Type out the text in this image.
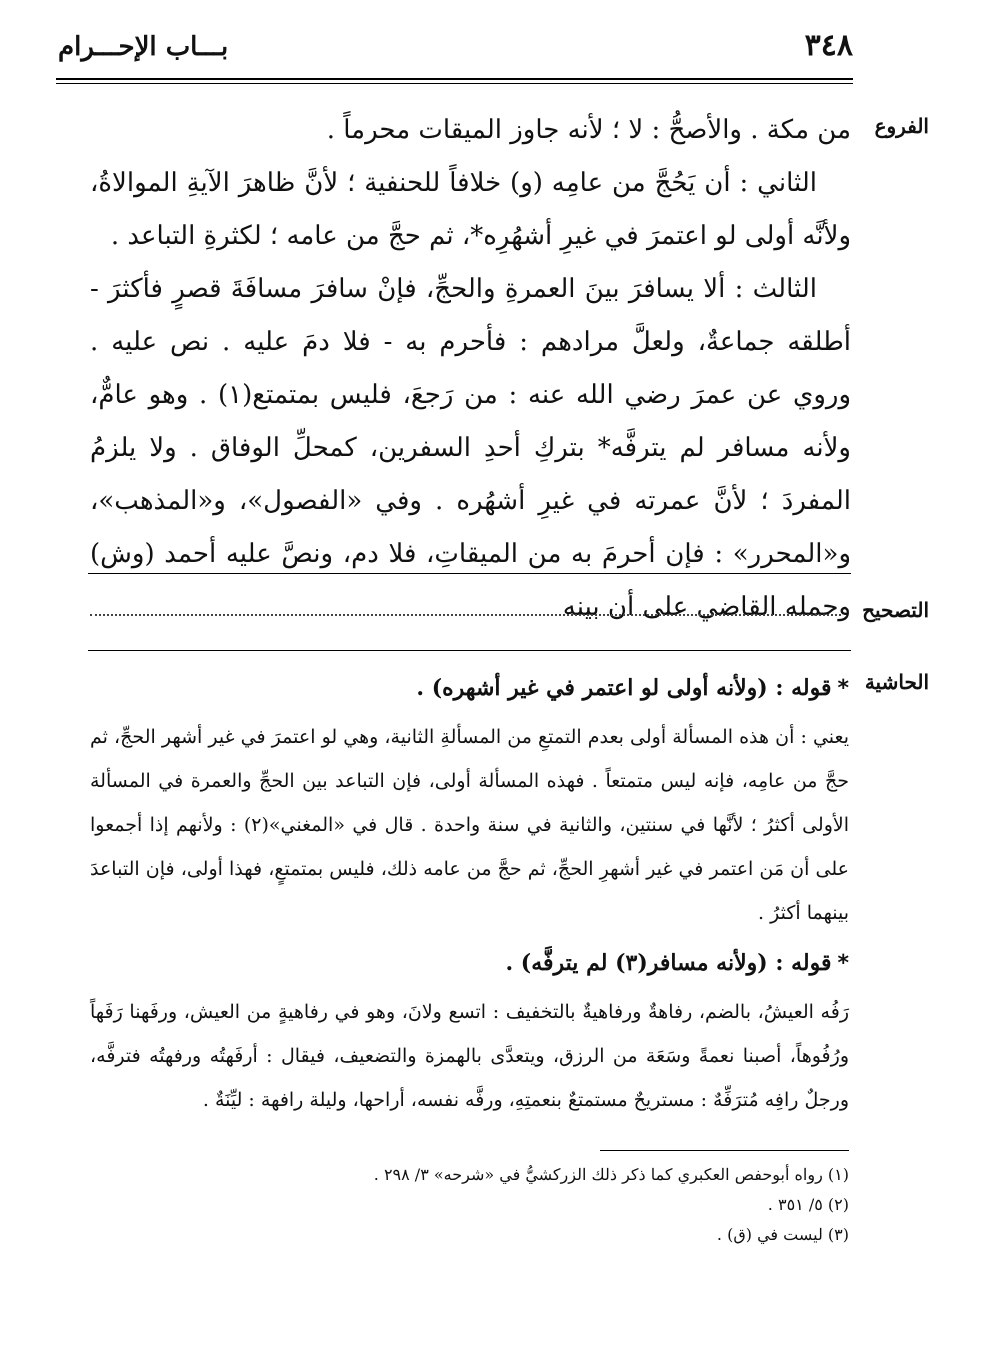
٣٤٨
بـــاب الإحـــرام
الفروع
التصحيح
الحاشية

من مكة . والأصحُّ : لا ؛ لأنه جاوز الميقات محرماً .

الثاني : أن يَحُجَّ من عامِه (و) خلافاً للحنفية ؛ لأنَّ ظاهرَ الآيةِ الموالاةُ، ولأنَّه أولى لو اعتمرَ في غيرِ أشهُرِه*، ثم حجَّ من عامه ؛ لكثرةِ التباعد .

الثالث : ألا يسافرَ بينَ العمرةِ والحجِّ، فإنْ سافرَ مسافَةَ قصرٍ فأكثرَ - أطلقه جماعةٌ، ولعلَّ مرادهم : فأحرم به - فلا دمَ عليه . نص عليه . وروي عن عمرَ رضي الله عنه : من رَجعَ، فليس بمتمتع(١) . وهو عامٌّ، ولأنه مسافر لم يترفَّه* بتركِ أحدِ السفرين، كمحلِّ الوفاق . ولا يلزمُ المفردَ ؛ لأنَّ عمرته في غيرِ أشهُره . وفي «الفصول»، و«المذهب»، و«المحرر» : فإن أحرمَ به من الميقاتِ، فلا دم، ونصَّ عليه أحمد (وش) وحمله القاضي على أن بينه

*قوله : (ولأنه أولى لو اعتمر في غير أشهره) .

يعني : أن هذه المسألة أولى بعدم التمتعِ من المسألةِ الثانية، وهي لو اعتمرَ في غير أشهر الحجِّ، ثم حجَّ من عامِه، فإنه ليس متمتعاً . فهذه المسألة أولى، فإن التباعد بين الحجِّ والعمرة في المسألة الأولى أكثرُ ؛ لأنَّها في سنتين، والثانية في سنة واحدة . قال في «المغني»(٢) : ولأنهم إذا أجمعوا على أن مَن اعتمر في غير أشهرِ الحجِّ، ثم حجَّ من عامه ذلك، فليس بمتمتعٍ، فهذا أولى، فإن التباعدَ بينهما أكثرُ .

*قوله : (ولأنه مسافر(٣) لم يترفَّه) .

رَفُه العيشُ، بالضم، رفاهةٌ ورفاهيةٌ بالتخفيف : اتسع ولانَ، وهو في رفاهيةٍ من العيش، ورفَهنا رَفَهاً ورُفُوهاً، أصبنا نعمةً وسَعَة من الرزق، ويتعدَّى بالهمزة والتضعيف، فيقال : أرفَهتُه ورفهتُه فترفَّه، ورجلٌ رافِه مُترَفِّهٌ : مستريحٌ مستمتعٌ بنعمتِهِ، ورفَّه نفسه، أراحها، وليلة رافهة : ليِّنَةٌ .

(١) رواه أبوحفص العكبري كما ذكر ذلك الزركشيُّ في «شرحه» ٣/ ٢٩٨ .

(٢) ٥/ ٣٥١ .

(٣) ليست في (ق) .
